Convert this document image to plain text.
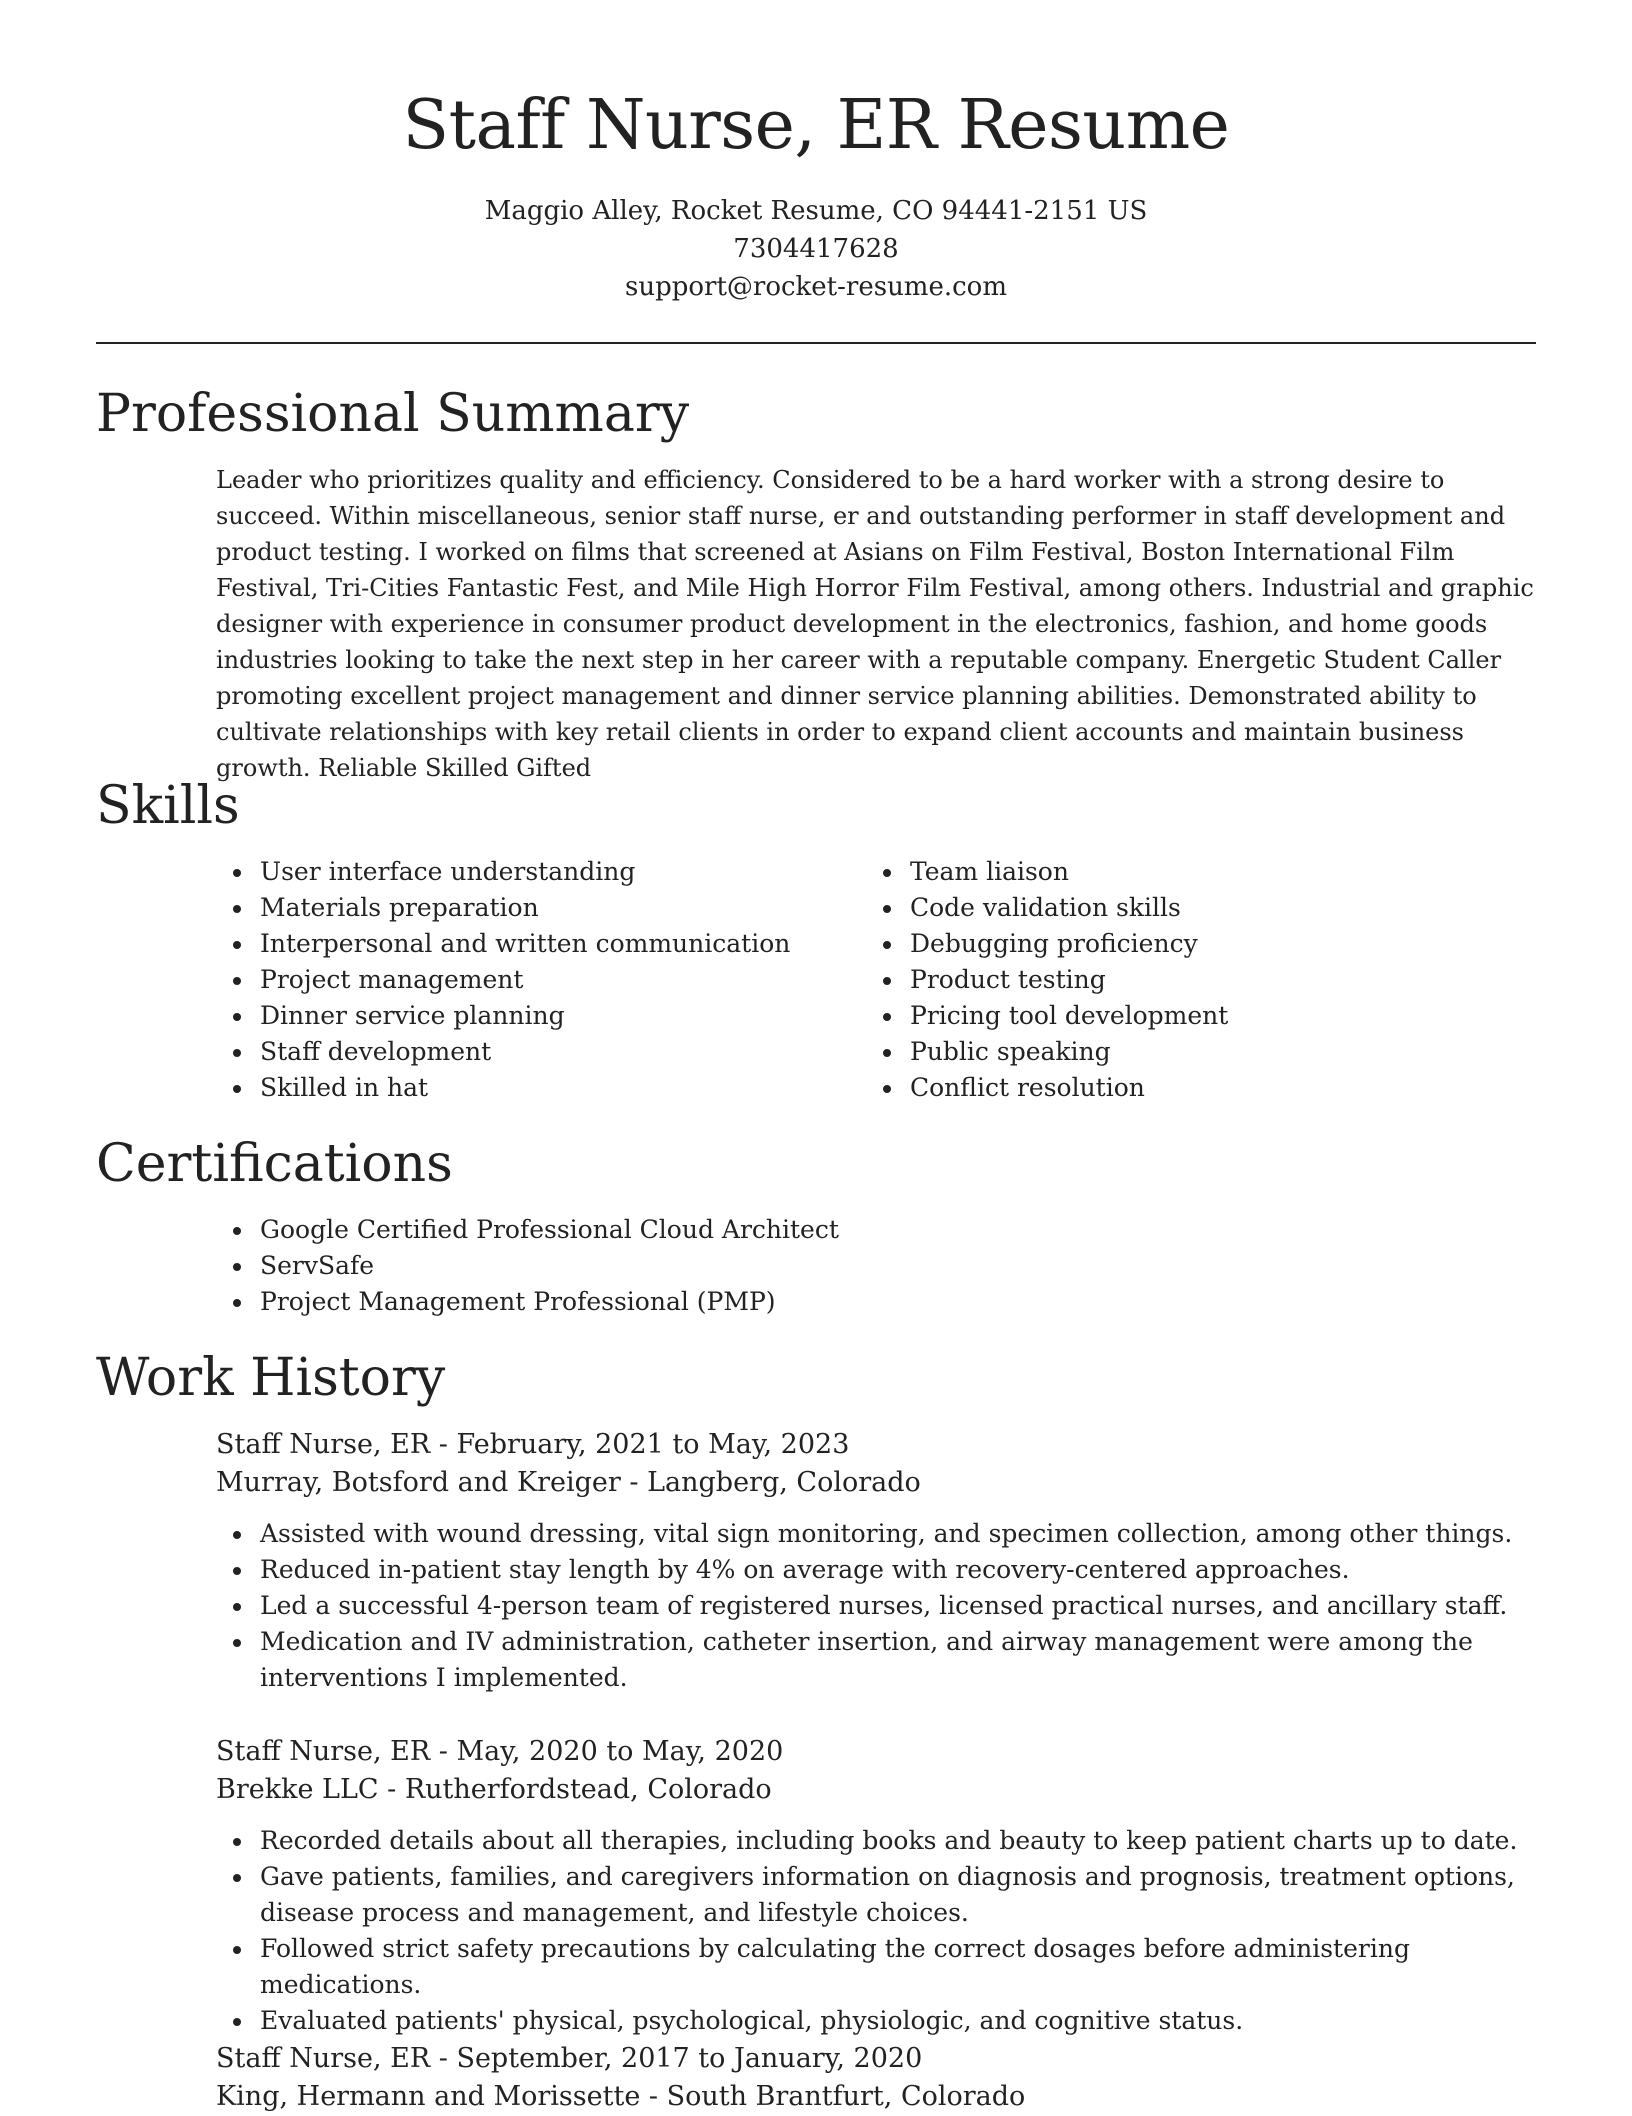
Staff Nurse, ER Resume
Maggio Alley, Rocket Resume, CO 94441-2151 US
7304417628
support@rocket-resume.com
Professional Summary

Leader who prioritizes quality and efficiency. Considered to be a hard worker with a strong desire to succeed. Within miscellaneous, senior staff nurse, er and outstanding performer in staff development and product testing. I worked on films that screened at Asians on Film Festival, Boston International Film Festival, Tri-Cities Fantastic Fest, and Mile High Horror Film Festival, among others. Industrial and graphic designer with experience in consumer product development in the electronics, fashion, and home goods industries looking to take the next step in her career with a reputable company. Energetic Student Caller promoting excellent project management and dinner service planning abilities. Demonstrated ability to cultivate relationships with key retail clients in order to expand client accounts and maintain business growth. Reliable Skilled Gifted

Skills
User interface understanding
Materials preparation
Interpersonal and written communication
Project management
Dinner service planning
Staff development
Skilled in hat
Team liaison
Code validation skills
Debugging proficiency
Product testing
Pricing tool development
Public speaking
Conflict resolution
Certifications
Google Certified Professional Cloud Architect
ServSafe
Project Management Professional (PMP)
Work History
Staff Nurse, ER - February, 2021 to May, 2023
Murray, Botsford and Kreiger - Langberg, Colorado
Assisted with wound dressing, vital sign monitoring, and specimen collection, among other things.
Reduced in-patient stay length by 4% on average with recovery-centered approaches.
Led a successful 4-person team of registered nurses, licensed practical nurses, and ancillary staff.
Medication and IV administration, catheter insertion, and airway management were among the interventions I implemented.
Staff Nurse, ER - May, 2020 to May, 2020
Brekke LLC - Rutherfordstead, Colorado
Recorded details about all therapies, including books and beauty to keep patient charts up to date.
Gave patients, families, and caregivers information on diagnosis and prognosis, treatment options, disease process and management, and lifestyle choices.
Followed strict safety precautions by calculating the correct dosages before administering medications.
Evaluated patients' physical, psychological, physiologic, and cognitive status.
Staff Nurse, ER - September, 2017 to January, 2020
King, Hermann and Morissette - South Brantfurt, Colorado
